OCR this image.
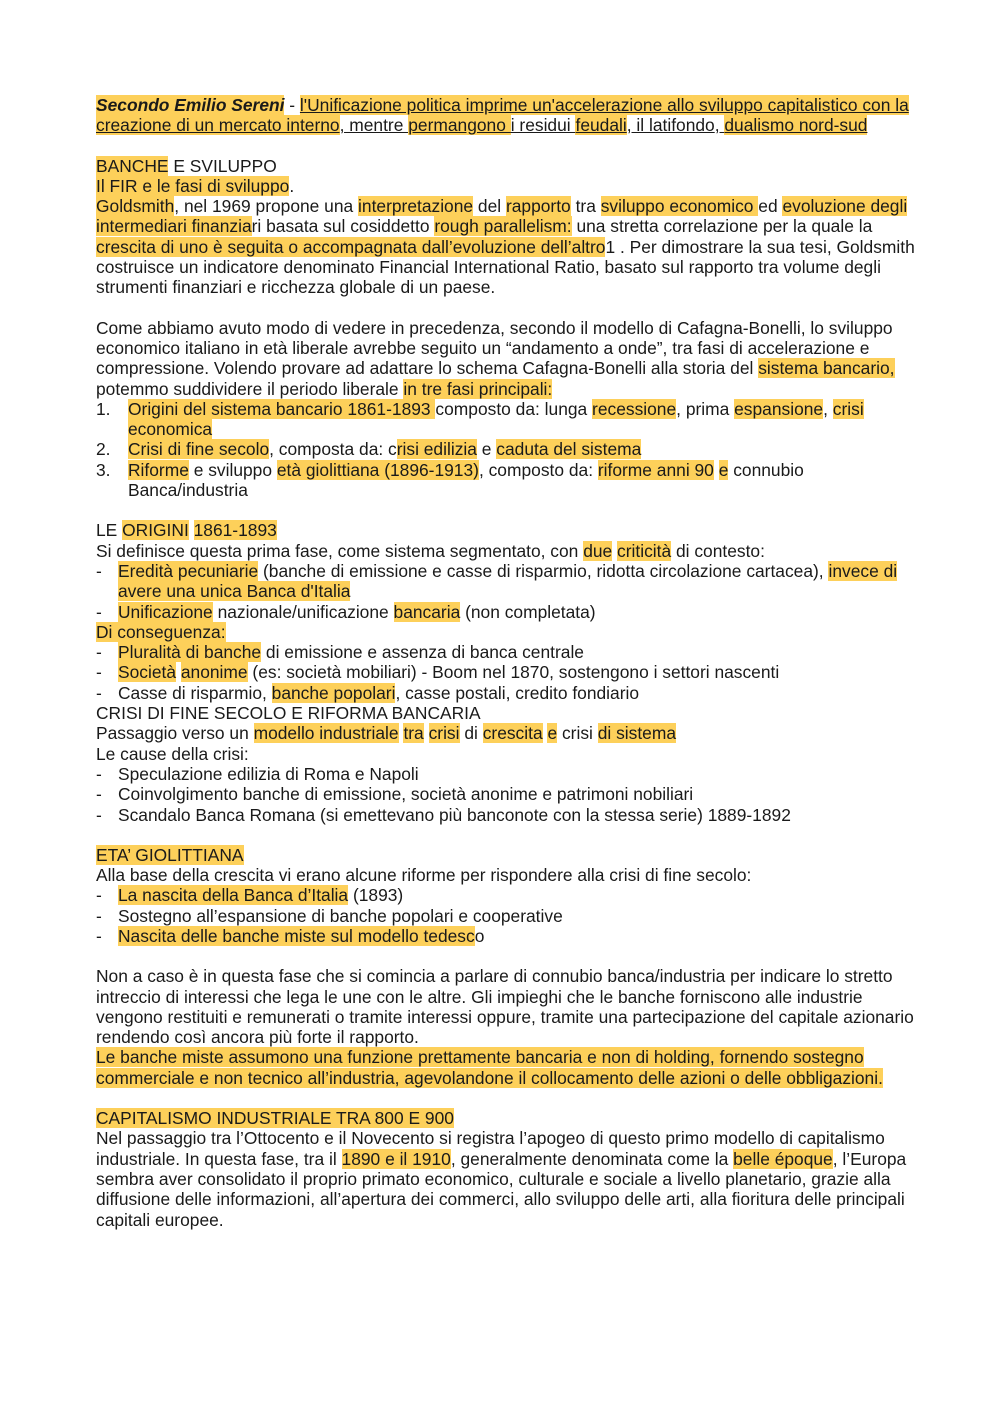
Secondo Emilio Sereni - l'Unificazione politica imprime un'accelerazione allo sviluppo capitalistico con la creazione di un mercato interno, mentre permangono i residui feudali, il latifondo, dualismo nord-sud

BANCHE E SVILUPPO

Il FIR e le fasi di sviluppo.

Goldsmith, nel 1969 propone una interpretazione del rapporto tra sviluppo economico ed evoluzione degli intermediari finanziari basata sul cosiddetto rough parallelism: una stretta correlazione per la quale la crescita di uno è seguita o accompagnata dall’evoluzione dell’altro1 . Per dimostrare la sua tesi, Goldsmith costruisce un indicatore denominato Financial International Ratio, basato sul rapporto tra volume degli strumenti finanziari e ricchezza globale di un paese.

Come abbiamo avuto modo di vedere in precedenza, secondo il modello di Cafagna-Bonelli, lo sviluppo economico italiano in età liberale avrebbe seguito un “andamento a onde”, tra fasi di accelerazione e compressione. Volendo provare ad adattare lo schema Cafagna-Bonelli alla storia del sistema bancario, potemmo suddividere il periodo liberale in tre fasi principali:

1. Origini del sistema bancario 1861-1893 composto da: lunga recessione, prima espansione, crisi economica
2. Crisi di fine secolo, composta da: crisi edilizia e caduta del sistema
3. Riforme e sviluppo età giolittiana (1896-1913), composto da: riforme anni 90 e connubio Banca/industria

LE ORIGINI 1861-1893

Si definisce questa prima fase, come sistema segmentato, con due criticità di contesto:

- Eredità pecuniarie (banche di emissione e casse di risparmio, ridotta circolazione cartacea), invece di avere una unica Banca d'Italia
- Unificazione nazionale/unificazione bancaria (non completata)

Di conseguenza:

- Pluralità di banche di emissione e assenza di banca centrale
- Società anonime (es: società mobiliari) - Boom nel 1870, sostengono i settori nascenti
- Casse di risparmio, banche popolari, casse postali, credito fondiario

CRISI DI FINE SECOLO E RIFORMA BANCARIA

Passaggio verso un modello industriale tra crisi di crescita e crisi di sistema

Le cause della crisi:

- Speculazione edilizia di Roma e Napoli
- Coinvolgimento banche di emissione, società anonime e patrimoni nobiliari
- Scandalo Banca Romana (si emettevano più banconote con la stessa serie) 1889-1892

ETA’ GIOLITTIANA

Alla base della crescita vi erano alcune riforme per rispondere alla crisi di fine secolo:

- La nascita della Banca d’Italia (1893)
- Sostegno all’espansione di banche popolari e cooperative
- Nascita delle banche miste sul modello tedesco

Non a caso è in questa fase che si comincia a parlare di connubio banca/industria per indicare lo stretto intreccio di interessi che lega le une con le altre. Gli impieghi che le banche forniscono alle industrie vengono restituiti e remunerati o tramite interessi oppure, tramite una partecipazione del capitale azionario rendendo così ancora più forte il rapporto.

Le banche miste assumono una funzione prettamente bancaria e non di holding, fornendo sostegno commerciale e non tecnico all’industria, agevolandone il collocamento delle azioni o delle obbligazioni.

CAPITALISMO INDUSTRIALE TRA 800 E 900

Nel passaggio tra l’Ottocento e il Novecento si registra l’apogeo di questo primo modello di capitalismo industriale. In questa fase, tra il 1890 e il 1910, generalmente denominata come la belle époque, l’Europa sembra aver consolidato il proprio primato economico, culturale e sociale a livello planetario, grazie alla diffusione delle informazioni, all’apertura dei commerci, allo sviluppo delle arti, alla fioritura delle principali capitali europee.
